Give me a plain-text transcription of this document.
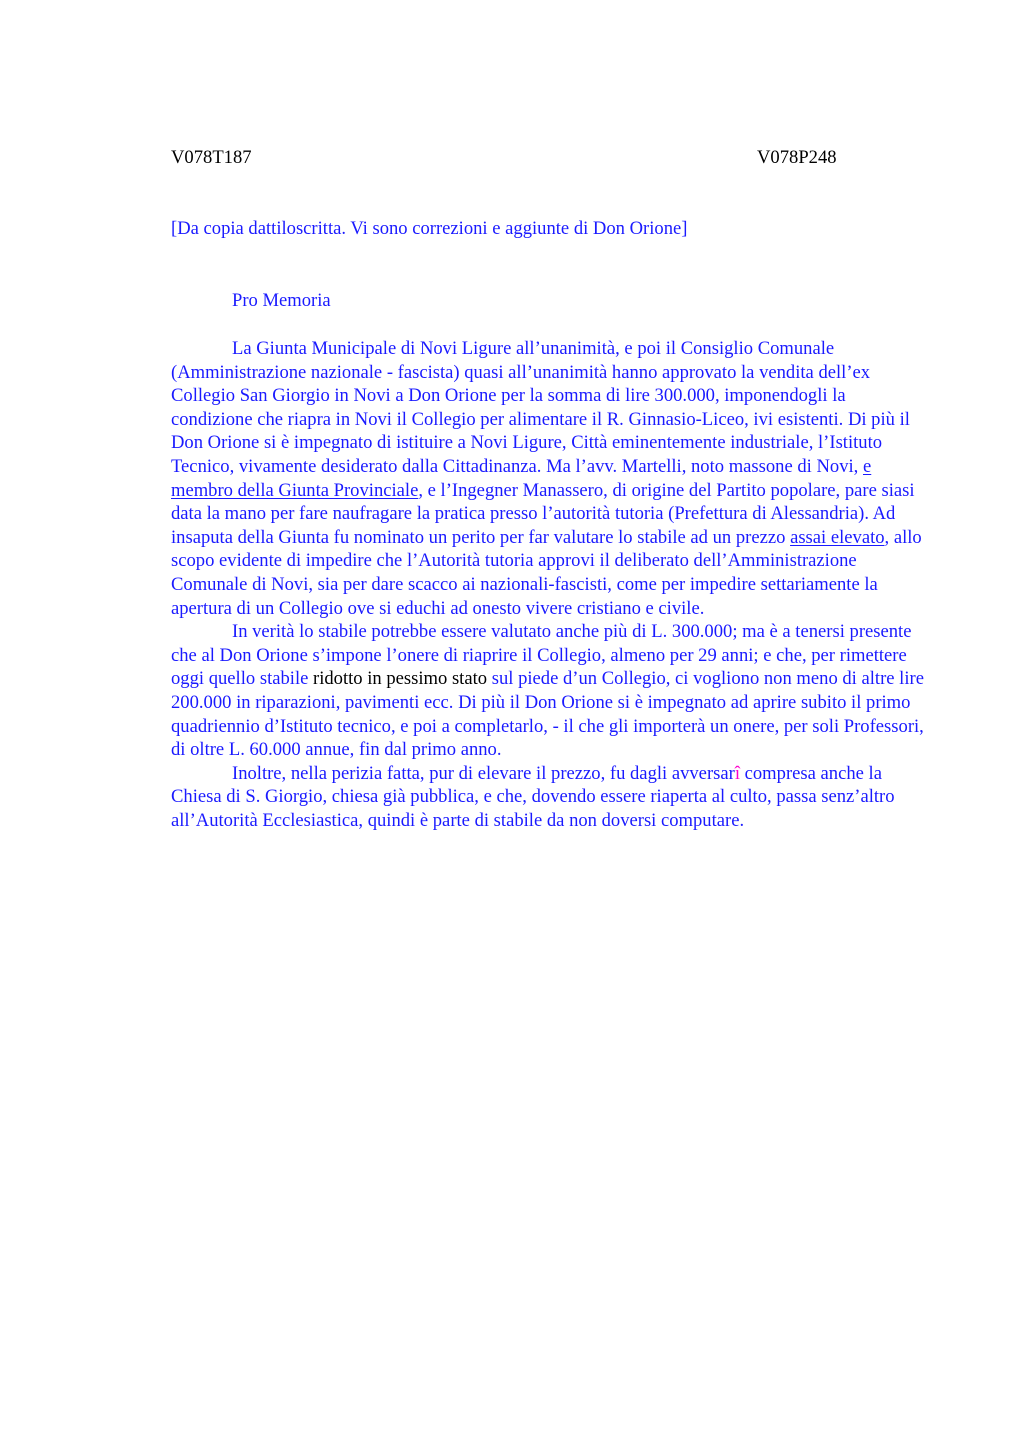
V078T187	V078P248
[Da copia dattiloscritta. Vi sono correzioni e aggiunte di Don Orione]
Pro Memoria

La Giunta Municipale di Novi Ligure all’unanimità, e poi il Consiglio Comunale (Amministrazione nazionale - fascista) quasi all’unanimità hanno approvato la vendita dell’ex Collegio San Giorgio in Novi a Don Orione per la somma di lire 300.000, imponendogli la condizione che riapra in Novi il Collegio per alimentare il R. Ginnasio-Liceo, ivi esistenti. Di più il Don Orione si è impegnato di istituire a Novi Ligure, Città eminentemente industriale, l’Istituto Tecnico, vivamente desiderato dalla Cittadinanza. Ma l’avv. Martelli, noto massone di Novi, e membro della Giunta Provinciale, e l’Ingegner Manassero, di origine del Partito popolare, pare siasi data la mano per fare naufragare la pratica presso l’autorità tutoria (Prefettura di Alessandria). Ad insaputa della Giunta fu nominato un perito per far valutare lo stabile ad un prezzo assai elevato, allo scopo evidente di impedire che l’Autorità tutoria approvi il deliberato dell’Amministrazione Comunale di Novi, sia per dare scacco ai nazionali-fascisti, come per impedire settariamente la apertura di un Collegio ove si educhi ad onesto vivere cristiano e civile.

In verità lo stabile potrebbe essere valutato anche più di L. 300.000; ma è a tenersi presente che al Don Orione s’impone l’onere di riaprire il Collegio, almeno per 29 anni; e che, per rimettere oggi quello stabile ridotto in pessimo stato sul piede d’un Collegio, ci vogliono non meno di altre lire 200.000 in riparazioni, pavimenti ecc. Di più il Don Orione si è impegnato ad aprire subito il primo quadriennio d’Istituto tecnico, e poi a completarlo, - il che gli importerà un onere, per soli Professori, di oltre L. 60.000 annue, fin dal primo anno.

Inoltre, nella perizia fatta, pur di elevare il prezzo, fu dagli avversarî compresa anche la Chiesa di S. Giorgio, chiesa già pubblica, e che, dovendo essere riaperta al culto, passa senz’altro all’Autorità Ecclesiastica, quindi è parte di stabile da non doversi computare.
